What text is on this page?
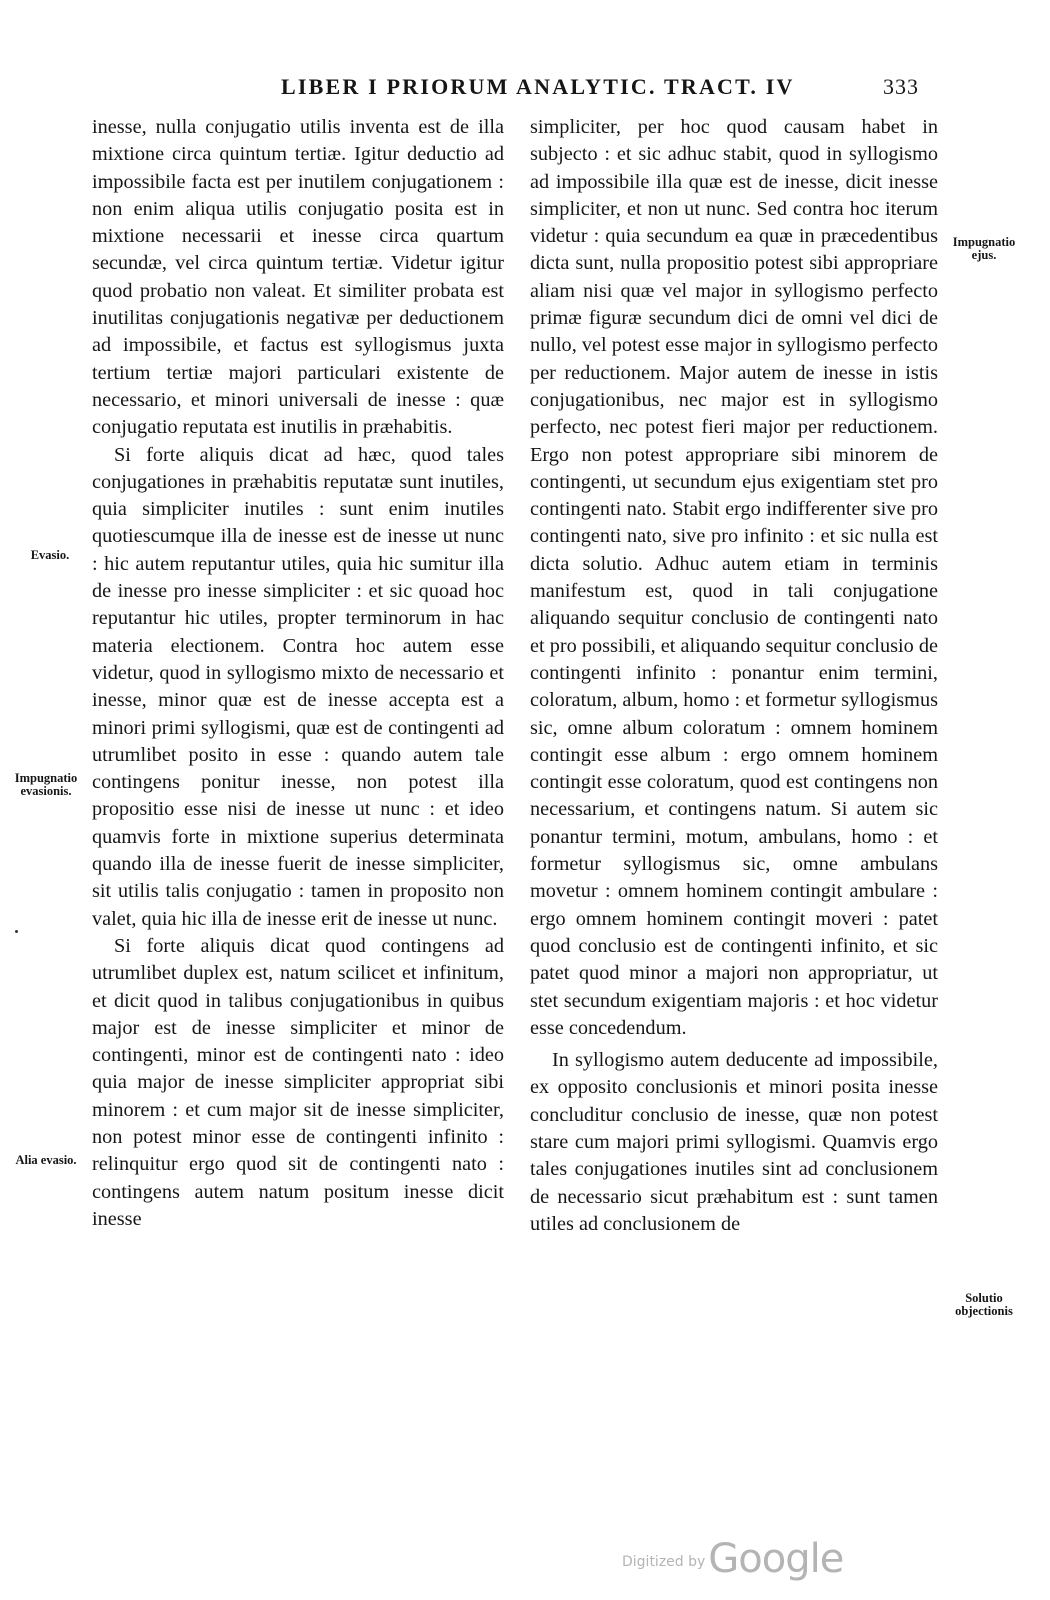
LIBER I PRIORUM ANALYTIC. TRACT. IV	333

inesse, nulla conjugatio utilis inventa est de illa mixtione circa quintum tertiæ. Igitur deductio ad impossibile facta est per inutilem conjugationem : non enim aliqua utilis conjugatio posita est in mixtione necessarii et inesse circa quartum secundæ, vel circa quintum tertiæ. Videtur igitur quod probatio non valeat. Et similiter probata est inutilitas conjugationis negativæ per deductionem ad impossibile, et factus est syllogismus juxta tertium tertiæ majori particulari existente de necessario, et minori universali de inesse : quæ conjugatio reputata est inutilis in præhabitis.

Si forte aliquis dicat ad hæc, quod tales conjugationes in præhabitis reputatæ sunt inutiles, quia simpliciter inutiles : sunt enim inutiles quotiescumque illa de inesse est de inesse ut nunc : hic autem reputantur utiles, quia hic sumitur illa de inesse pro inesse simpliciter : et sic quoad hoc reputantur hic utiles, propter terminorum in hac materia electionem. Contra hoc autem esse videtur, quod in syllogismo mixto de necessario et inesse, minor quæ est de inesse accepta est a minori primi syllogismi, quæ est de contingenti ad utrumlibet posito in esse : quando autem tale contingens ponitur inesse, non potest illa propositio esse nisi de inesse ut nunc : et ideo quamvis forte in mixtione superius determinata quando illa de inesse fuerit de inesse simpliciter, sit utilis talis conjugatio : tamen in proposito non valet, quia hic illa de inesse erit de inesse ut nunc.

Si forte aliquis dicat quod contingens ad utrumlibet duplex est, natum scilicet et infinitum, et dicit quod in talibus conjugationibus in quibus major est de inesse simpliciter et minor de contingenti, minor est de contingenti nato : ideo quia major de inesse simpliciter appropriat sibi minorem : et cum major sit de inesse simpliciter, non potest minor esse de contingenti infinito : relinquitur ergo quod sit de contingenti nato : contingens autem natum positum inesse dicit inesse

simpliciter, per hoc quod causam habet in subjecto : et sic adhuc stabit, quod in syllogismo ad impossibile illa quæ est de inesse, dicit inesse simpliciter, et non ut nunc. Sed contra hoc iterum videtur : quia secundum ea quæ in præcedentibus dicta sunt, nulla propositio potest sibi appropriare aliam nisi quæ vel major in syllogismo perfecto primæ figuræ secundum dici de omni vel dici de nullo, vel potest esse major in syllogismo perfecto per reductionem. Major autem de inesse in istis conjugationibus, nec major est in syllogismo perfecto, nec potest fieri major per reductionem. Ergo non potest appropriare sibi minorem de contingenti, ut secundum ejus exigentiam stet pro contingenti nato. Stabit ergo indifferenter sive pro contingenti nato, sive pro infinito : et sic nulla est dicta solutio. Adhuc autem etiam in terminis manifestum est, quod in tali conjugatione aliquando sequitur conclusio de contingenti nato et pro possibili, et aliquando sequitur conclusio de contingenti infinito : ponantur enim termini, coloratum, album, homo : et formetur syllogismus sic, omne album coloratum : omnem hominem contingit esse album : ergo omnem hominem contingit esse coloratum, quod est contingens non necessarium, et contingens natum. Si autem sic ponantur termini, motum, ambulans, homo : et formetur syllogismus sic, omne ambulans movetur : omnem hominem contingit ambulare : ergo omnem hominem contingit moveri : patet quod conclusio est de contingenti infinito, et sic patet quod minor a majori non appropriatur, ut stet secundum exigentiam majoris : et hoc videtur esse concedendum.

In syllogismo autem deducente ad impossibile, ex opposito conclusionis et minori posita inesse concluditur conclusio de inesse, quæ non potest stare cum majori primi syllogismi. Quamvis ergo tales conjugationes inutiles sint ad conclusionem de necessario sicut præhabitum est : sunt tamen utiles ad conclusionem de

Evasio.
Impugnatio evasionis.
Alia evasio.
Impugnatio ejus.
Solutio objectionis
Digitized byGoogle
